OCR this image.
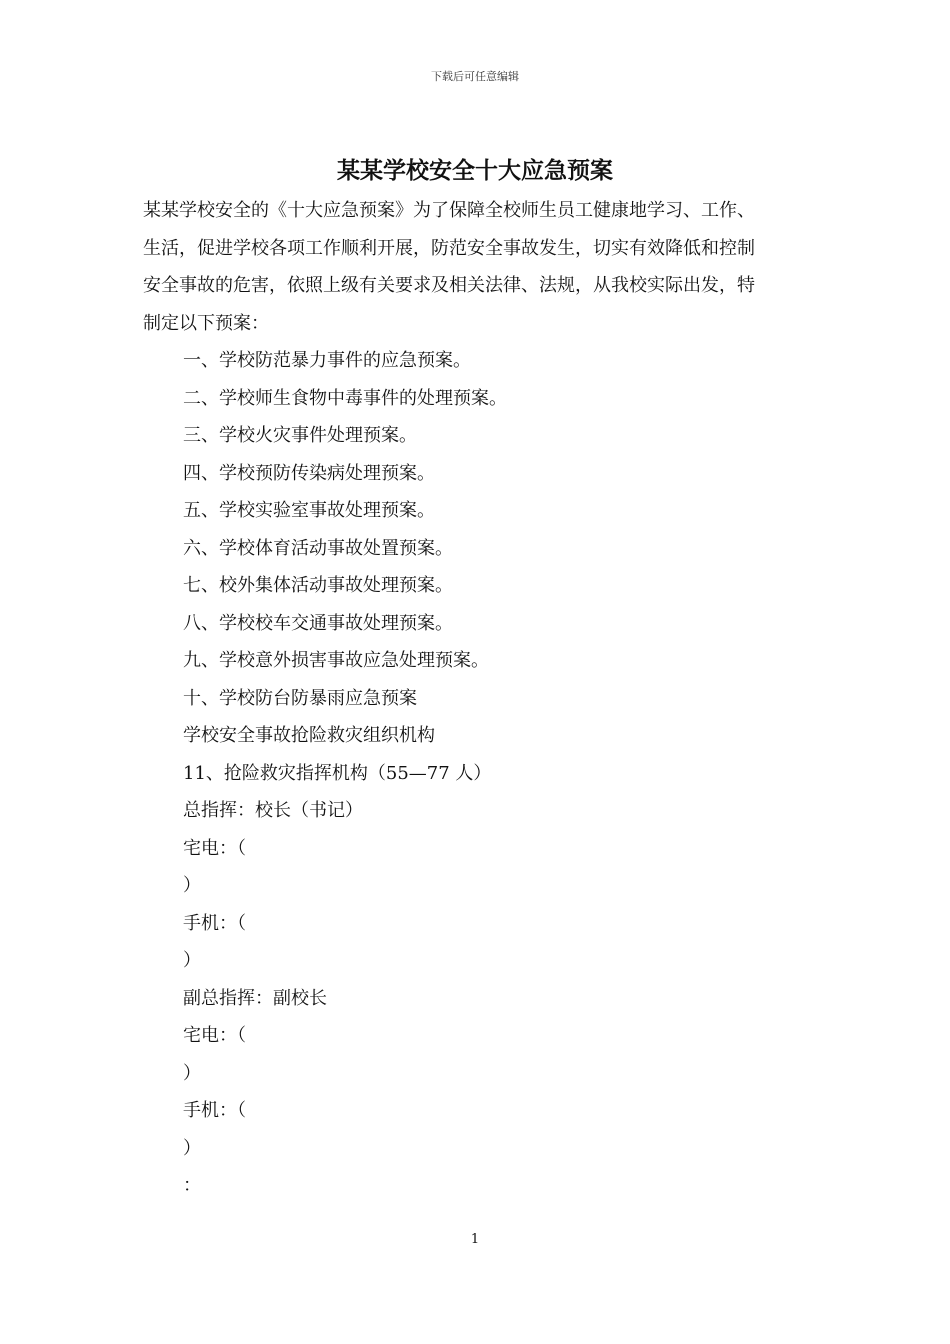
下载后可任意编辑
某某学校安全十大应急预案
某某学校安全的《十大应急预案》为了保障全校师生员工健康地学习、工作、
生活，促进学校各项工作顺利开展，防范安全事故发生，切实有效降低和控制
安全事故的危害，依照上级有关要求及相关法律、法规，从我校实际出发，特
制定以下预案：
一、学校防范暴力事件的应急预案。
二、学校师生食物中毒事件的处理预案。
三、学校火灾事件处理预案。
四、学校预防传染病处理预案。
五、学校实验室事故处理预案。
六、学校体育活动事故处置预案。
七、校外集体活动事故处理预案。
八、学校校车交通事故处理预案。
九、学校意外损害事故应急处理预案。
十、学校防台防暴雨应急预案
学校安全事故抢险救灾组织机构
11、抢险救灾指挥机构（55—77 人）
总指挥：校长（书记）
宅电：（
）
手机：（
）
副总指挥：副校长
宅电：（
）
手机：（
）
：
1
